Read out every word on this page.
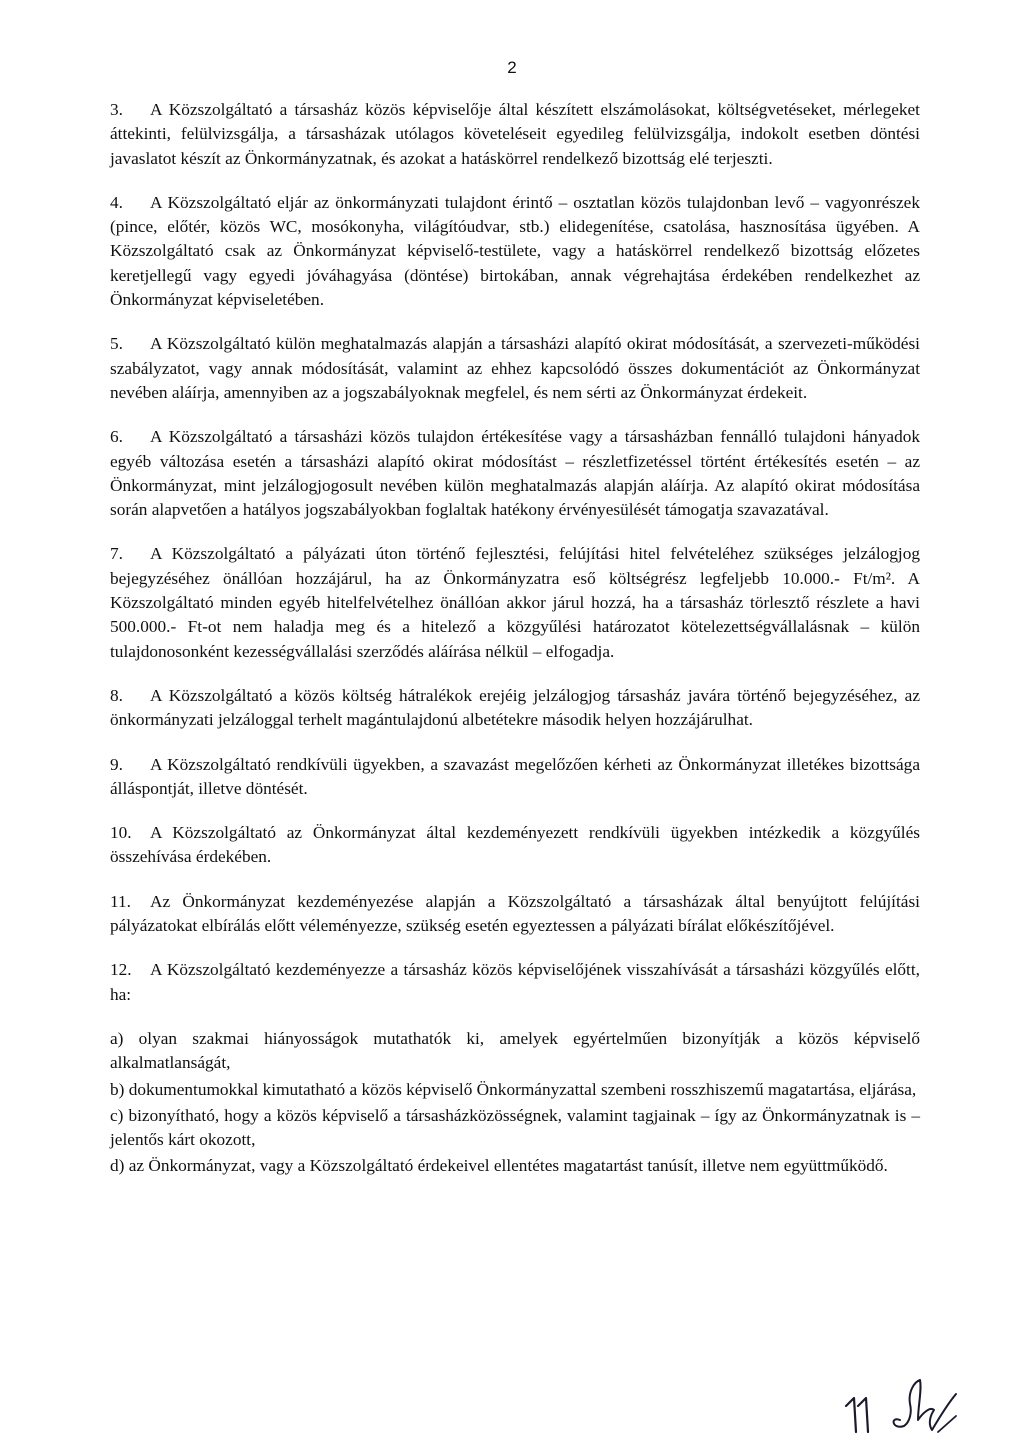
2

3. A Közszolgáltató a társasház közös képviselője által készített elszámolásokat, költségvetéseket, mérlegeket áttekinti, felülvizsgálja, a társasházak utólagos követeléseit egyedileg felülvizsgálja, indokolt esetben döntési javaslatot készít az Önkormányzatnak, és azokat a hatáskörrel rendelkező bizottság elé terjeszti.

4. A Közszolgáltató eljár az önkormányzati tulajdont érintő – osztatlan közös tulajdonban levő – vagyonrészek (pince, előtér, közös WC, mosókonyha, világítóudvar, stb.) elidegenítése, csatolása, hasznosítása ügyében. A Közszolgáltató csak az Önkormányzat képviselő-testülete, vagy a hatáskörrel rendelkező bizottság előzetes keretjellegű vagy egyedi jóváhagyása (döntése) birtokában, annak végrehajtása érdekében rendelkezhet az Önkormányzat képviseletében.

5. A Közszolgáltató külön meghatalmazás alapján a társasházi alapító okirat módosítását, a szervezeti-működési szabályzatot, vagy annak módosítását, valamint az ehhez kapcsolódó összes dokumentációt az Önkormányzat nevében aláírja, amennyiben az a jogszabályoknak megfelel, és nem sérti az Önkormányzat érdekeit.

6. A Közszolgáltató a társasházi közös tulajdon értékesítése vagy a társasházban fennálló tulajdoni hányadok egyéb változása esetén a társasházi alapító okirat módosítást – részletfizetéssel történt értékesítés esetén – az Önkormányzat, mint jelzálogjogosult nevében külön meghatalmazás alapján aláírja. Az alapító okirat módosítása során alapvetően a hatályos jogszabályokban foglaltak hatékony érvényesülését támogatja szavazatával.

7. A Közszolgáltató a pályázati úton történő fejlesztési, felújítási hitel felvételéhez szükséges jelzálogjog bejegyzéséhez önállóan hozzájárul, ha az Önkormányzatra eső költségrész legfeljebb 10.000.- Ft/m². A Közszolgáltató minden egyéb hitelfelvételhez önállóan akkor járul hozzá, ha a társasház törlesztő részlete a havi 500.000.- Ft-ot nem haladja meg és a hitelező a közgyűlési határozatot kötelezettségvállalásnak – külön tulajdonosonként kezességvállalási szerződés aláírása nélkül – elfogadja.

8. A Közszolgáltató a közös költség hátralékok erejéig jelzálogjog társasház javára történő bejegyzéséhez, az önkormányzati jelzáloggal terhelt magántulajdonú albetétekre második helyen hozzájárulhat.

9. A Közszolgáltató rendkívüli ügyekben, a szavazást megelőzően kérheti az Önkormányzat illetékes bizottsága álláspontját, illetve döntését.

10. A Közszolgáltató az Önkormányzat által kezdeményezett rendkívüli ügyekben intézkedik a közgyűlés összehívása érdekében.

11. Az Önkormányzat kezdeményezése alapján a Közszolgáltató a társasházak által benyújtott felújítási pályázatokat elbírálás előtt véleményezze, szükség esetén egyeztessen a pályázati bírálat előkészítőjével.

12. A Közszolgáltató kezdeményezze a társasház közös képviselőjének visszahívását a társasházi közgyűlés előtt, ha:

a) olyan szakmai hiányosságok mutathatók ki, amelyek egyértelműen bizonyítják a közös képviselő alkalmatlanságát,

b) dokumentumokkal kimutatható a közös képviselő Önkormányzattal szembeni rosszhiszemű magatartása, eljárása,

c) bizonyítható, hogy a közös képviselő a társasházközösségnek, valamint tagjainak – így az Önkormányzatnak is – jelentős kárt okozott,

d) az Önkormányzat, vagy a Közszolgáltató érdekeivel ellentétes magatartást tanúsít, illetve nem együttműködő.
